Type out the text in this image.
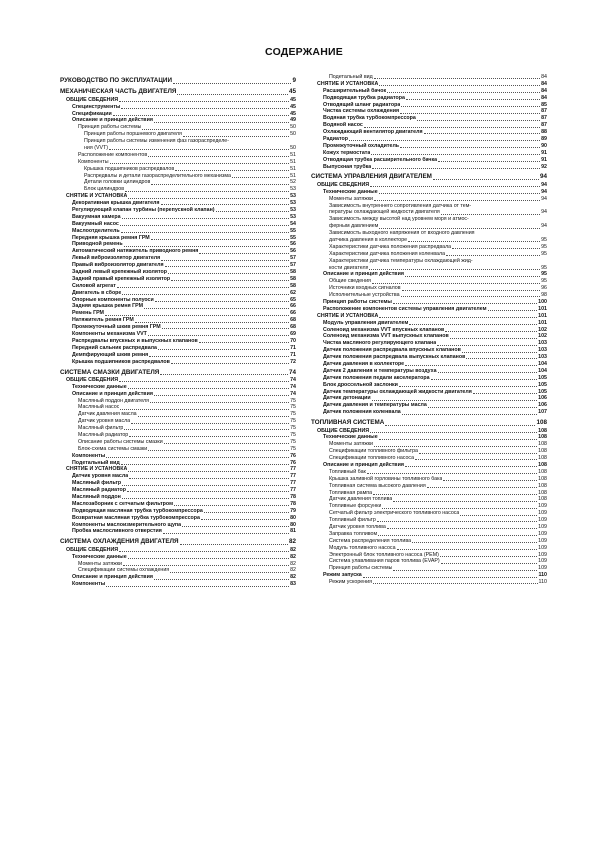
СОДЕРЖАНИЕ
РУКОВОДСТВО ПО ЭКСПЛУАТАЦИИ	9
МЕХАНИЧЕСКАЯ ЧАСТЬ ДВИГАТЕЛЯ	45
ОБЩИЕ СВЕДЕНИЯ	45
Специнструменты	45
Спецификации	45
Описание и принцип действия	49
Принцип работы системы	50
Принцип работы поршневого двигателя	50
Принцип работы системы изменения фаз газораспределе-
ния (VVT)	50
Расположение компонентов	51
Компоненты	51
Крышка подшипников распредвалов	51
Распредвалы и детали газораспределительного механизма	51
Детали головки цилиндров	52
Блок цилиндров	53
СНЯТИЕ И УСТАНОВКА	53
Декоративная крышка двигателя	53
Регулирующий клапан турбины (перепускной клапан)	53
Вакуумная камера	53
Вакуумный насос	54
Маслоотделитель	55
Передняя крышка ремня ГРМ	55
Приводной ремень	56
Автоматический натяжитель приводного ремня	56
Левый виброизолятор двигателя	57
Правый виброизолятор двигателя	57
Задний левый крепежный изолятор	58
Задний правый крепежный изолятор	58
Силовой агрегат	58
Двигатель в сборе	62
Опорные компоненты полуоси	65
Задняя крышка ремня ГРМ	66
Ремень ГРМ	66
Натяжитель ремня ГРМ	68
Промежуточный шкив ремня ГРМ	68
Компоненты механизма VVT	69
Распредвалы впускных и выпускных клапанов	70
Передний сальник распредвала	71
Демпфирующий шкив ремня	71
Крышка подшипников распредвалов	72
СИСТЕМА СМАЗКИ ДВИГАТЕЛЯ	74
ОБЩИЕ СВЕДЕНИЯ	74
Технические данные	74
Описание и принцип действия	74
Масляный поддон двигателя	75
Масляный насос	75
Датчик давления масла	75
Датчик уровня масла	75
Масляный фильтр	75
Масляный радиатор	75
Описание работы системы смазки	75
Блок-схема системы смазки	75
Компоненты	76
Подетальный вид	76
СНЯТИЕ И УСТАНОВКА	77
Датчик уровня масла	77
Масляный фильтр	77
Масляный радиатор	77
Масляный поддон	78
Маслозаборник с сетчатым фильтром	78
Подводящая масляная трубка турбокомпрессора	79
Возвратная масляная трубка турбокомпрессора	80
Компоненты маслоизмерительного щупа	80
Пробка маслосливного отверстия	81
СИСТЕМА ОХЛАЖДЕНИЯ ДВИГАТЕЛЯ	82
ОБЩИЕ СВЕДЕНИЯ	82
Технические данные	82
Моменты затяжки	82
Спецификации системы охлаждения	82
Описание и принцип действия	82
Компоненты	83
Подетальный вид	84
СНЯТИЕ И УСТАНОВКА	84
Расширительный бачок	84
Подводящая трубка радиатора	84
Отводящий шланг радиатора	85
Чистка системы охлаждения	87
Водяная трубка турбокомпрессора	87
Водяной насос	87
Охлаждающий вентилятор двигателя	88
Радиатор	89
Промежуточный охладитель	90
Кожух термостата	91
Отводящая трубка расширительного бачка	91
Выпускная трубка	92
СИСТЕМА УПРАВЛЕНИЯ ДВИГАТЕЛЕМ	94
ОБЩИЕ СВЕДЕНИЯ	94
Технические данные	94
Моменты затяжки	94
Зависимость внутреннего сопротивления датчика от тем-
пературы охлаждающей жидкости двигателя	94
Зависимость между высотой над уровнем моря и атмос-
ферным давлением	94
Зависимость выходного напряжения от входного давления
датчика давления в коллекторе	95
Характеристики датчика положения распредвала	95
Характеристики датчика положения коленвала	95
Характеристики датчика температуры охлаждающей жид-
кости двигателя	95
Описание и принцип действия	95
Общие сведения	95
Источники входных сигналов	96
Исполнительные устройства	98
Принцип работы системы	100
Расположение компонентов системы управления двигателем	101
СНЯТИЕ И УСТАНОВКА	101
Модуль управления двигателем	101
Соленоид механизма VVT впускных клапанов	102
Соленоид механизма VVT выпускных клапанов	102
Чистка масляного регулирующего клапана	103
Датчик положения распредвала впускных клапанов	103
Датчик положения распредвала выпускных клапанов	103
Датчик давления в коллекторе	104
Датчик 2 давления и температуры воздуха	104
Датчик положения педали акселератора	105
Блок дроссельной заслонки	105
Датчик температуры охлаждающей жидкости двигателя	105
Датчик детонации	106
Датчик давления и температуры масла	106
Датчик положения коленвала	107
ТОПЛИВНАЯ СИСТЕМА	108
ОБЩИЕ СВЕДЕНИЯ	108
Технические данные	108
Моменты затяжки	108
Спецификации топливного фильтра	108
Спецификации топливного насоса	108
Описание и принцип действия	108
Топливный бак	108
Крышка заливной горловины топливного бака	108
Топливная система высокого давления	108
Топливная рампа	108
Датчик давления топлива	108
Топливные форсунки	109
Сетчатый фильтр электрического топливного насоса	109
Топливный фильтр	109
Датчик уровня топлива	109
Заправка топливом	109
Система распределения топлива	109
Модуль топливного насоса	109
Электронный блок топливного насоса (PEM)	109
Система улавливания паров топлива (EVAP)	109
Принцип работы системы	109
Режим запуска	110
Режим ускорения	110
